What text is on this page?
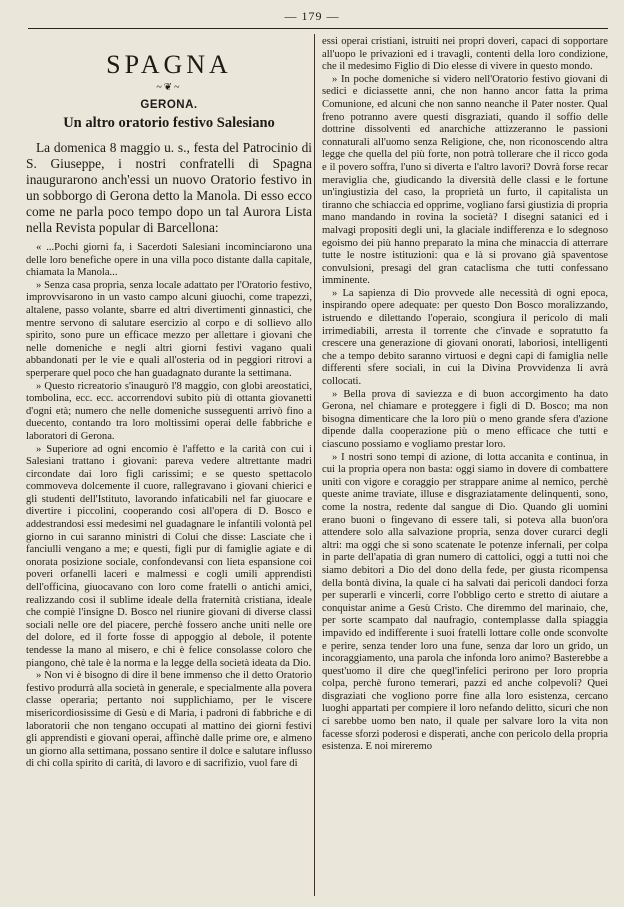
— 179 —
SPAGNA
~❦~
GERONA.
Un altro oratorio festivo Salesiano

La domenica 8 maggio u. s., festa del Patrocinio di S. Giuseppe, i nostri confratelli di Spagna inaugurarono anch'essi un nuovo Oratorio festivo in un sobborgo di Gerona detto la Manola. Di esso ecco come ne parla poco tempo dopo un tal Aurora Lista nella Revista popular di Barcellona:

« ...Pochi giorni fa, i Sacerdoti Salesiani incominciarono una delle loro benefiche opere in una villa poco distante dalla capitale, chiamata la Manola...

» Senza casa propria, senza locale adattato per l'Oratorio festivo, improvvisarono in un vasto campo alcuni giuochi, come trapezzi, altalene, passo volante, sbarre ed altri divertimenti ginnastici, che mentre servono di salutare esercizio al corpo e di sollievo allo spirito, sono pure un efficace mezzo per allettare i giovani che nelle domeniche e negli altri giorni festivi vagano quali abbandonati per le vie e quali all'osteria od in peggiori ritrovi a sperperare quel poco che han guadagnato durante la settimana.

» Questo ricreatorio s'inaugurò l'8 maggio, con globi areostatici, tombolina, ecc. ecc. accorrendovi subito più di ottanta giovanetti d'ogni età; numero che nelle domeniche susseguenti arrivò fino a duecento, contando tra loro moltissimi operai delle fabbriche e laboratori di Gerona.

» Superiore ad ogni encomio è l'affetto e la carità con cui i Salesiani trattano i giovani: pareva vedere altrettante madri circondate dai loro figli carissimi; e se questo spettacolo commoveva dolcemente il cuore, rallegravano i giovani chierici e gli studenti dell'Istituto, lavorando infaticabili nel far giuocare e divertire i piccolini, cooperando così all'opera di D. Bosco e addestrandosi essi medesimi nel guadagnare le infantili volontà pel giorno in cui saranno ministri di Colui che disse: Lasciate che i fanciulli vengano a me; e questi, figli pur di famiglie agiate e di onorata posizione sociale, confondevansi con lieta espansione coi poveri orfanelli laceri e malmessi e cogli umili apprendisti dell'officina, giuocavano con loro come fratelli o antichi amici, realizzando così il sublime ideale della fraternità cristiana, ideale che compiè l'insigne D. Bosco nel riunire giovani di diverse classi sociali nelle ore del piacere, perchè fossero anche uniti nelle ore del dolore, ed il forte fosse di appoggio al debole, il potente tendesse la mano al misero, e chi è felice consolasse coloro che piangono, chè tale è la norma e la legge della società ideata da Dio.

» Non vi è bisogno di dire il bene immenso che il detto Oratorio festivo produrrà alla società in generale, e specialmente alla povera classe operaria; pertanto noi supplichiamo, per le viscere misericordiosissime di Gesù e di Maria, i padroni di fabbriche e di laboratorii che non tengano occupati al mattino dei giorni festivi gli apprendisti e giovani operai, affinchè dalle prime ore, e almeno un giorno alla settimana, possano sentire il dolce e salutare influsso di chi colla spirito di carità, di lavoro e di sacrifizio, vuol fare di

essi operai cristiani, istruiti nei propri doveri, capaci di sopportare all'uopo le privazioni ed i travagli, contenti della loro condizione, che il medesimo Figlio di Dio elesse di vivere in questo mondo.

» In poche domeniche si videro nell'Oratorio festivo giovani di sedici e diciassette anni, che non hanno ancor fatta la prima Comunione, ed alcuni che non sanno neanche il Pater noster. Qual freno potranno avere questi disgraziati, quando il soffio delle dottrine dissolventi ed anarchiche attizzeranno le passioni connaturali all'uomo senza Religione, che, non riconoscendo altra legge che quella del più forte, non potrà tollerare che il ricco goda e il povero soffra, l'uno si diverta e l'altro lavori? Dovrà forse recar meraviglia che, giudicando la diversità delle classi e le fortune un'ingiustizia del caso, la proprietà un furto, il capitalista un tiranno che schiaccia ed opprime, vogliano farsi giustizia di propria mano mandando in rovina la società? I disegni satanici ed i malvagi propositi degli uni, la glaciale indifferenza e lo sdegnoso egoismo dei più hanno preparato la mina che minaccia di atterrare tutte le nostre istituzioni: qua e là si provano già spaventose convulsioni, presagi del gran cataclisma che tutti confessano imminente.

» La sapienza di Dio provvede alle necessità di ogni epoca, inspirando opere adequate: per questo Don Bosco moralizzando, istruendo e dilettando l'operaio, scongiura il pericolo di mali irrimediabili, arresta il torrente che c'invade e sopratutto fa crescere una generazione di giovani onorati, laboriosi, intelligenti che a tempo debito saranno virtuosi e degni capi di famiglia nelle differenti sfere sociali, in cui la Divina Provvidenza li avrà collocati.

» Bella prova di saviezza e di buon accorgimento ha dato Gerona, nel chiamare e proteggere i figli di D. Bosco; ma non bisogna dimenticare che la loro più o meno grande sfera d'azione dipende dalla cooperazione più o meno efficace che tutti e ciascuno possiamo e vogliamo prestar loro.

» I nostri sono tempi di azione, di lotta accanita e continua, in cui la propria opera non basta: oggi siamo in dovere di combattere uniti con vigore e coraggio per strappare anime al nemico, perchè queste anime traviate, illuse e disgraziatamente delinquenti, sono, come la nostra, redente dal sangue di Dio. Quando gli uomini erano buoni o fingevano di essere tali, si poteva alla buon'ora attendere solo alla salvazione propria, senza dover curarci degli altri: ma oggi che si sono scatenate le potenze infernali, per colpa in parte dell'apatia di gran numero di cattolici, oggi a tutti noi che siamo debitori a Dio del dono della fede, per giusta ricompensa della bontà divina, la quale ci ha salvati dai pericoli dandoci forza per superarli e vincerli, corre l'obbligo certo e stretto di aiutare a conquistar anime a Gesù Cristo. Che diremmo del marinaio, che, per sorte scampato dal naufragio, contemplasse dalla spiaggia impavido ed indifferente i suoi fratelli lottare colle onde sconvolte e perire, senza tender loro una fune, senza dar loro un grido, un incoraggiamento, una parola che infonda loro animo? Basterebbe a quest'uomo il dire che quegl'infelici perirono per loro propria colpa, perchè furono temerari, pazzi ed anche colpevoli? Quei disgraziati che vogliono porre fine alla loro esistenza, cercano luoghi appartati per compiere il loro nefando delitto, sicuri che non ci sarebbe uomo ben nato, il quale per salvare loro la vita non facesse sforzi poderosi e disperati, anche con pericolo della propria esistenza. E noi mireremo
